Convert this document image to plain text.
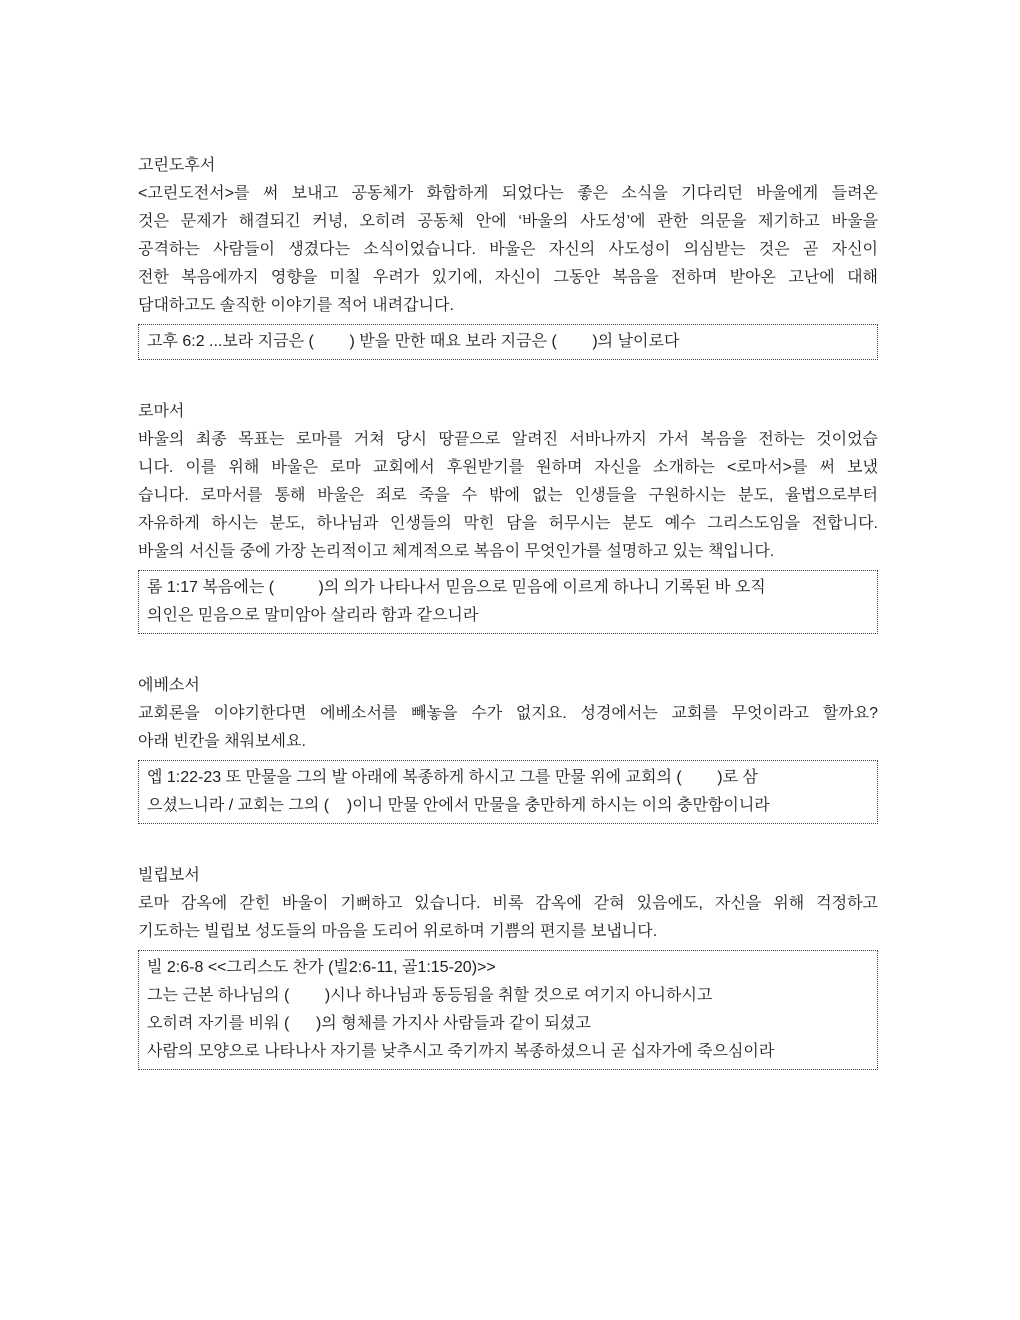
고린도후서
<고린도전서>를 써 보내고 공동체가 화합하게 되었다는 좋은 소식을 기다리던 바울에게 들려온
것은 문제가 해결되긴 커녕, 오히려 공동체 안에 ‘바울의 사도성’에 관한 의문을 제기하고 바울을
공격하는 사람들이 생겼다는 소식이었습니다. 바울은 자신의 사도성이 의심받는 것은 곧 자신이
전한 복음에까지 영향을 미칠 우려가 있기에, 자신이 그동안 복음을 전하며 받아온 고난에 대해
담대하고도 솔직한 이야기를 적어 내려갑니다.
고후 6:2 ...보라 지금은 (        ) 받을 만한 때요 보라 지금은 (        )의 날이로다
로마서
바울의 최종 목표는 로마를 거쳐 당시 땅끝으로 알려진 서바나까지 가서 복음을 전하는 것이었습
니다. 이를 위해 바울은 로마 교회에서 후원받기를 원하며 자신을 소개하는 <로마서>를 써 보냈
습니다. 로마서를 통해 바울은 죄로 죽을 수 밖에 없는 인생들을 구원하시는 분도, 율법으로부터
자유하게 하시는 분도, 하나님과 인생들의 막힌 담을 허무시는 분도 예수 그리스도임을 전합니다.
바울의 서신들 중에 가장 논리적이고 체계적으로 복음이 무엇인가를 설명하고 있는 책입니다.
롬 1:17 복음에는 (          )의 의가 나타나서 믿음으로 믿음에 이르게 하나니 기록된 바 오직
의인은 믿음으로 말미암아 살리라 함과 같으니라
에베소서
교회론을 이야기한다면 에베소서를 빼놓을 수가 없지요. 성경에서는 교회를 무엇이라고 할까요?
아래 빈칸을 채워보세요.
엡 1:22-23 또 만물을 그의 발 아래에 복종하게 하시고 그를 만물 위에 교회의 (        )로 삼
으셨느니라 / 교회는 그의 (    )이니 만물 안에서 만물을 충만하게 하시는 이의 충만함이니라
빌립보서
로마 감옥에 갇힌 바울이 기뻐하고 있습니다. 비록 감옥에 갇혀 있음에도, 자신을 위해 걱정하고
기도하는 빌립보 성도들의 마음을 도리어 위로하며 기쁨의 편지를 보냅니다.
빌 2:6-8 <<그리스도 찬가 (빌2:6-11, 골1:15-20)>>
그는 근본 하나님의 (        )시나 하나님과 동등됨을 취할 것으로 여기지 아니하시고
오히려 자기를 비워 (      )의 형체를 가지사 사람들과 같이 되셨고
사람의 모양으로 나타나사 자기를 낮추시고 죽기까지 복종하셨으니 곧 십자가에 죽으심이라
